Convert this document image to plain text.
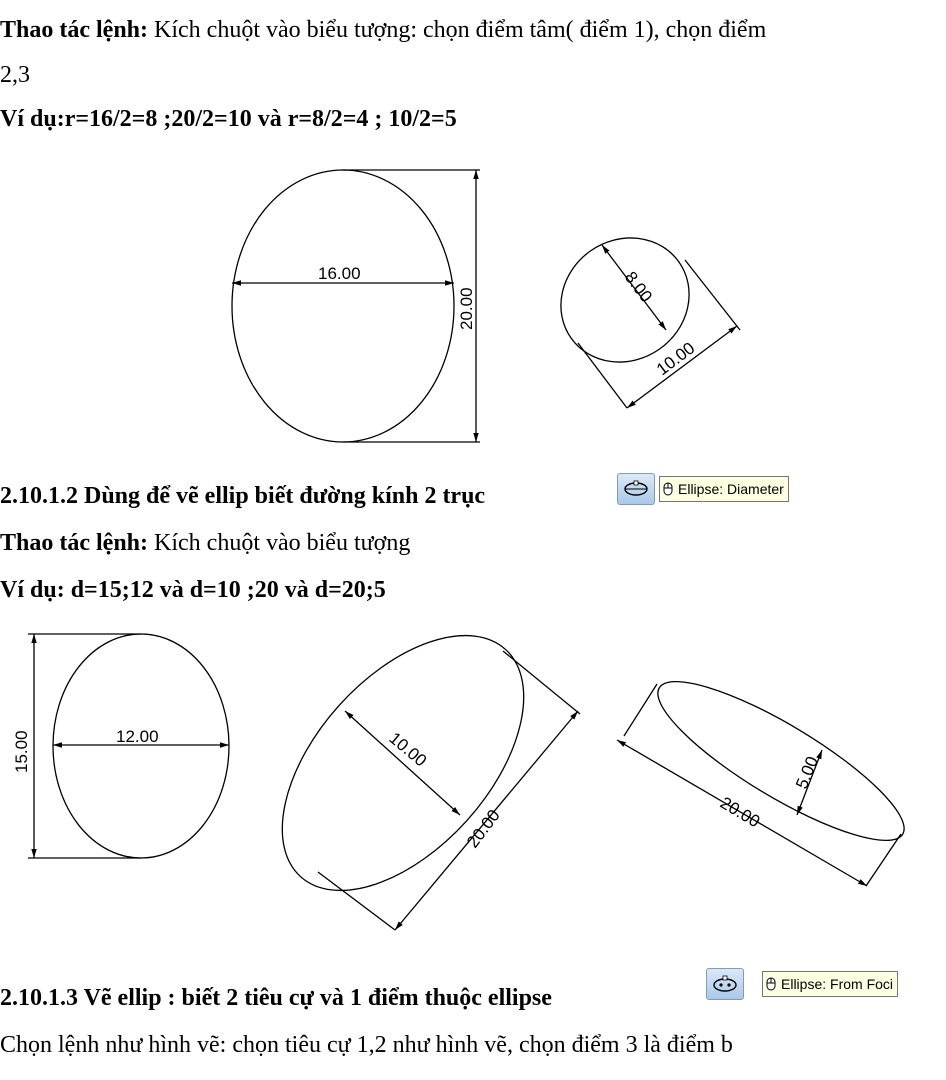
Thao tác lệnh: Kích chuột vào biểu tượng: chọn điểm tâm( điểm 1), chọn điểm
2,3
Ví dụ:r=16/2=8 ;20/2=10 và r=8/2=4 ; 10/2=5
16.00
20.00
8.00
10.00
2.10.1.2 Dùng để vẽ ellip biết đường kính 2 trục	Ellipse: Diameter
Thao tác lệnh: Kích chuột vào biểu tượng
Ví dụ: d=15;12 và d=10 ;20 và d=20;5
15.00	12.00	10.00
20.00
5.00
20.00
2.10.1.3 Vẽ ellip : biết 2 tiêu cự và 1 điểm thuộc ellipse
Ellipse: From Foci
Chọn lệnh như hình vẽ: chọn tiêu cự 1,2 như hình vẽ, chọn điểm 3 là điểm b
